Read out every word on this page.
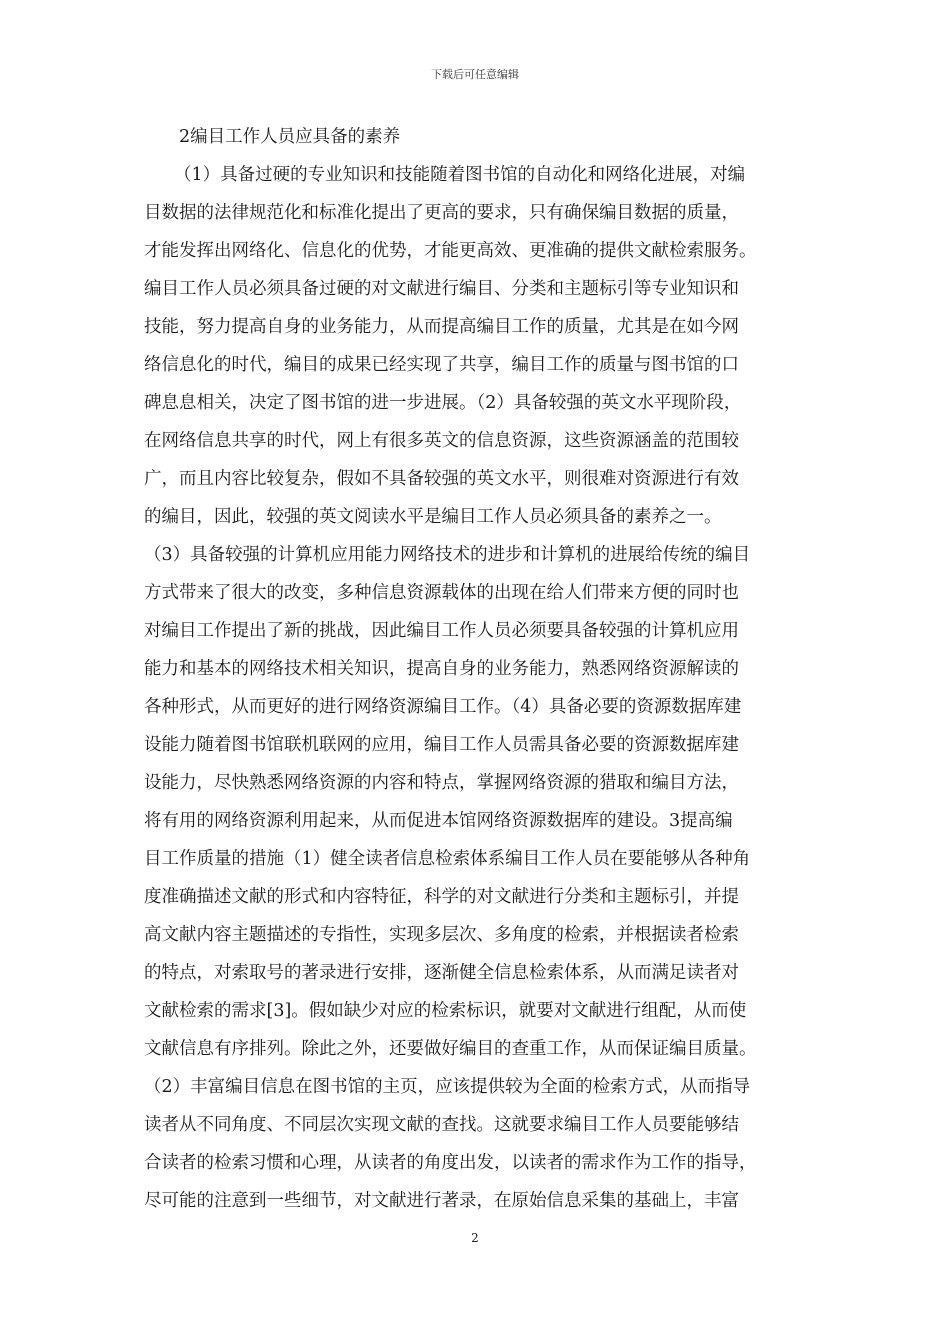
下载后可任意编辑
2编目工作人员应具备的素养
（1）具备过硬的专业知识和技能随着图书馆的自动化和网络化进展，对编
目数据的法律规范化和标准化提出了更高的要求，只有确保编目数据的质量，
才能发挥出网络化、信息化的优势，才能更高效、更准确的提供文献检索服务。
编目工作人员必须具备过硬的对文献进行编目、分类和主题标引等专业知识和
技能，努力提高自身的业务能力，从而提高编目工作的质量，尤其是在如今网
络信息化的时代，编目的成果已经实现了共享，编目工作的质量与图书馆的口
碑息息相关，决定了图书馆的进一步进展。（2）具备较强的英文水平现阶段，
在网络信息共享的时代，网上有很多英文的信息资源，这些资源涵盖的范围较
广，而且内容比较复杂，假如不具备较强的英文水平，则很难对资源进行有效
的编目，因此，较强的英文阅读水平是编目工作人员必须具备的素养之一。
（3）具备较强的计算机应用能力网络技术的进步和计算机的进展给传统的编目
方式带来了很大的改变，多种信息资源载体的出现在给人们带来方便的同时也
对编目工作提出了新的挑战，因此编目工作人员必须要具备较强的计算机应用
能力和基本的网络技术相关知识，提高自身的业务能力，熟悉网络资源解读的
各种形式，从而更好的进行网络资源编目工作。（4）具备必要的资源数据库建
设能力随着图书馆联机联网的应用，编目工作人员需具备必要的资源数据库建
设能力，尽快熟悉网络资源的内容和特点，掌握网络资源的猎取和编目方法，
将有用的网络资源利用起来，从而促进本馆网络资源数据库的建设。3提高编
目工作质量的措施（1）健全读者信息检索体系编目工作人员在要能够从各种角
度准确描述文献的形式和内容特征，科学的对文献进行分类和主题标引，并提
高文献内容主题描述的专指性，实现多层次、多角度的检索，并根据读者检索
的特点，对索取号的著录进行安排，逐渐健全信息检索体系，从而满足读者对
文献检索的需求[3]。假如缺少对应的检索标识，就要对文献进行组配，从而使
文献信息有序排列。除此之外，还要做好编目的查重工作，从而保证编目质量。
（2）丰富编目信息在图书馆的主页，应该提供较为全面的检索方式，从而指导
读者从不同角度、不同层次实现文献的查找。这就要求编目工作人员要能够结
合读者的检索习惯和心理，从读者的角度出发，以读者的需求作为工作的指导，
尽可能的注意到一些细节，对文献进行著录，在原始信息采集的基础上，丰富
2
